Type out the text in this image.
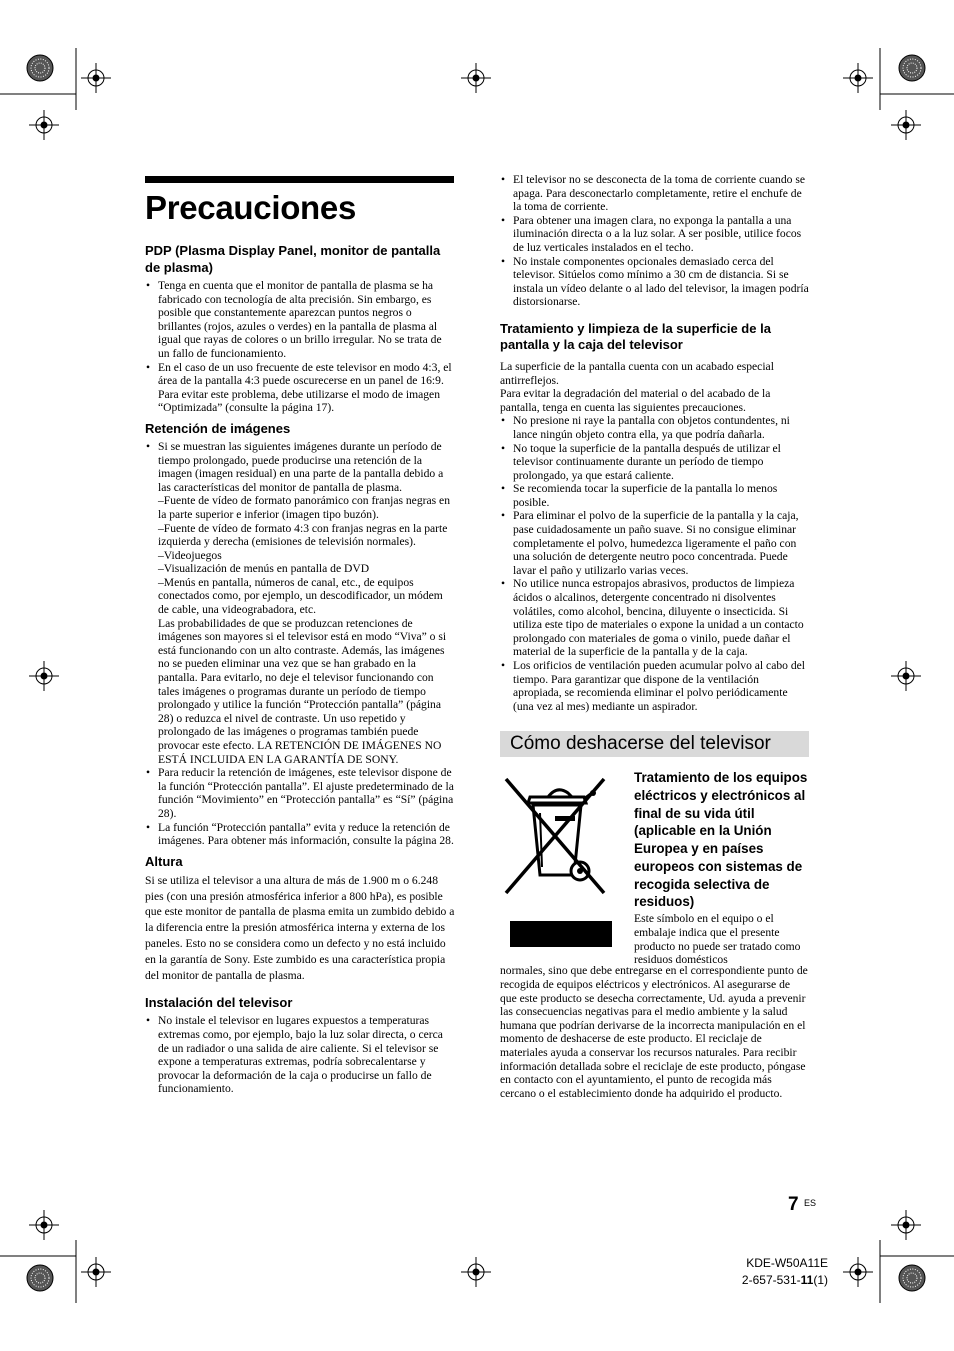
Precauciones
PDP (Plasma Display Panel, monitor de pantalla de plasma)
• Tenga en cuenta que el monitor de pantalla de plasma se ha fabricado con tecnología de alta precisión. Sin embargo, es posible que constantemente aparezcan puntos negros o brillantes (rojos, azules o verdes) en la pantalla de plasma al igual que rayas de colores o un brillo irregular. No se trata de un fallo de funcionamiento.
• En el caso de un uso frecuente de este televisor en modo 4:3, el área de la pantalla 4:3 puede oscurecerse en un panel de 16:9. Para evitar este problema, debe utilizarse el modo de imagen “Optimizada” (consulte la página 17).
Retención de imágenes
• Si se muestran las siguientes imágenes durante un período de tiempo prolongado, puede producirse una retención de la imagen (imagen residual) en una parte de la pantalla debido a las características del monitor de pantalla de plasma.
–Fuente de vídeo de formato panorámico con franjas negras en la parte superior e inferior (imagen tipo buzón).
–Fuente de vídeo de formato 4:3 con franjas negras en la parte izquierda y derecha (emisiones de televisión normales).
–Videojuegos
–Visualización de menús en pantalla de DVD
–Menús en pantalla, números de canal, etc., de equipos conectados como, por ejemplo, un descodificador, un módem de cable, una videograbadora, etc.
Las probabilidades de que se produzcan retenciones de imágenes son mayores si el televisor está en modo “Viva” o si está funcionando con un alto contraste. Además, las imágenes no se pueden eliminar una vez que se han grabado en la pantalla. Para evitarlo, no deje el televisor funcionando con tales imágenes o programas durante un período de tiempo prolongado y utilice la función “Protección pantalla” (página 28) o reduzca el nivel de contraste. Un uso repetido y prolongado de las imágenes o programas también puede provocar este efecto. LA RETENCIÓN DE IMÁGENES NO ESTÁ INCLUIDA EN LA GARANTÍA DE SONY.
• Para reducir la retención de imágenes, este televisor dispone de la función “Protección pantalla”. El ajuste predeterminado de la función “Movimiento” en “Protección pantalla” es “Sí” (página 28).
• La función “Protección pantalla” evita y reduce la retención de imágenes. Para obtener más información, consulte la página 28.
Altura

Si se utiliza el televisor a una altura de más de 1.900 m o 6.248 pies (con una presión atmosférica inferior a 800 hPa), es posible que este monitor de pantalla de plasma emita un zumbido debido a la diferencia entre la presión atmosférica interna y externa de los paneles. Esto no se considera como un defecto y no está incluido en la garantía de Sony. Este zumbido es una característica propia del monitor de pantalla de plasma.

Instalación del televisor
• No instale el televisor en lugares expuestos a temperaturas extremas como, por ejemplo, bajo la luz solar directa, o cerca de un radiador o una salida de aire caliente. Si el televisor se expone a temperaturas extremas, podría sobrecalentarse y provocar la deformación de la caja o producirse un fallo de funcionamiento.
• El televisor no se desconecta de la toma de corriente cuando se apaga. Para desconectarlo completamente, retire el enchufe de la toma de corriente.
• Para obtener una imagen clara, no exponga la pantalla a una iluminación directa o a la luz solar. A ser posible, utilice focos de luz verticales instalados en el techo.
• No instale componentes opcionales demasiado cerca del televisor. Sitúelos como mínimo a 30 cm de distancia. Si se instala un vídeo delante o al lado del televisor, la imagen podría distorsionarse.
Tratamiento y limpieza de la superficie de la pantalla y la caja del televisor

La superficie de la pantalla cuenta con un acabado especial antirreflejos.

Para evitar la degradación del material o del acabado de la pantalla, tenga en cuenta las siguientes precauciones.

• No presione ni raye la pantalla con objetos contundentes, ni lance ningún objeto contra ella, ya que podría dañarla.
• No toque la superficie de la pantalla después de utilizar el televisor continuamente durante un período de tiempo prolongado, ya que estará caliente.
• Se recomienda tocar la superficie de la pantalla lo menos posible.
• Para eliminar el polvo de la superficie de la pantalla y la caja, pase cuidadosamente un paño suave. Si no consigue eliminar completamente el polvo, humedezca ligeramente el paño con una solución de detergente neutro poco concentrada. Puede lavar el paño y utilizarlo varias veces.
• No utilice nunca estropajos abrasivos, productos de limpieza ácidos o alcalinos, detergente concentrado ni disolventes volátiles, como alcohol, bencina, diluyente o insecticida. Si utiliza este tipo de materiales o expone la unidad a un contacto prolongado con materiales de goma o vinilo, puede dañar el material de la superficie de la pantalla y de la caja.
• Los orificios de ventilación pueden acumular polvo al cabo del tiempo. Para garantizar que dispone de la ventilación apropiada, se recomienda eliminar el polvo periódicamente (una vez al mes) mediante un aspirador.
Cómo deshacerse del televisor
Tratamiento de los equipos eléctricos y electrónicos al final de su vida útil (aplicable en la Unión Europea y en países europeos con sistemas de recogida selectiva de residuos)

Este símbolo en el equipo o el embalaje indica que el presente producto no puede ser tratado como residuos domésticos

normales, sino que debe entregarse en el correspondiente punto de recogida de equipos eléctricos y electrónicos. Al asegurarse de que este producto se desecha correctamente, Ud. ayuda a prevenir las consecuencias negativas para el medio ambiente y la salud humana que podrían derivarse de la incorrecta manipulación en el momento de deshacerse de este producto. El reciclaje de materiales ayuda a conservar los recursos naturales. Para recibir información detallada sobre el reciclaje de este producto, póngase en contacto con el ayuntamiento, el punto de recogida más cercano o el establecimiento donde ha adquirido el producto.

7 ES
KDE-W50A11E
2-657-531-11(1)
